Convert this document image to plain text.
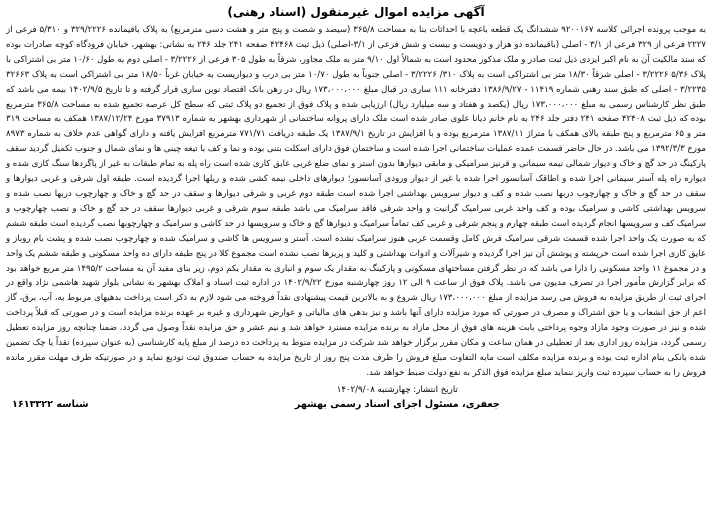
آگهی مزایده اموال غیرمنقول (اسناد رهنی)

به موجب پرونده اجرائی کلاسه ۹۲۰۰۱۶۷ ششدانگ یک قطعه باغچه با احداثات بنا به مساحت ۳۶۵/۸ (سیصد و شصت و پنج متر و هشت دسی مترمربع) به پلاک باقیمانده ۳۲۹/۲۲۲۶ و ۵/۳۱۰ فرعی از ۲۲۲۷ فرعی از ۳۲۹ فرعی از ۳/۱ - اصلی (باقیمانده دو هزار و دویست و بیست و شش فرعی از ۳/۱-اصلی) ذیل ثبت ۴۲۴۶۸ صفحه ۲۴۱ جلد ۲۴۶ به نشانی: بهشهر، خیابان فرودگاه کوچه صادرات بوده که سند مالکیت آن به نام اکبر ایزدی ذیل ثبت صادر و ملک مذکور محدود است به شمالاً اول ۹/۱۰ متر به ملک مجاور، شرقاً به طول ۳۰۵ فرعی از ۳/۲۲۲۶ - اصلی دوم به طول ۱۰/۶۰ متر بی اشتراکی با پلاک ۵/۳۶ ۳/۲۲۲۶ - اصلی شرقاً ۱۸/۳۰ متر بی اشتراکی است به پلاک ۳۱۰/ ۳/۲۲۲۶ - اصلی جنوباً به طول ۱۰/۷۰ متر بی درب و دیواریست به خیابان غرباً ۱۸/۵۰ متر بی اشتراکی است به پلاک ۳۲۶۶۳ ۳/۲۲۳۵ - اصلی که طبق سند رهنی شماره ۱۱۴۱۹ - ۱۳۸۶/۹/۲۷ دفترخانه ۱۱۱ ساری در قبال مبلغ ۱۷۳،۰۰۰،۰۰۰ ریال در رهن بانک اقتصاد نوین ساری قرار گرفته و تا تاریخ ۱۴۰۲/۹/۵ بیمه می باشد که طبق نظر کارشناس رسمی به مبلغ ۱۷۳،۰۰۰،۰۰۰ ریال (یکصد و هفتاد و سه میلیارد ریال) ارزیابی شده و پلاک فوق از تجمیع دو پلاک ثبتی که سطح کل عرصه تجمیع شده به مساحت ۳۶۵/۸ مترمربع بوده که ذیل ثبت ۴۲۴۰۸ صفحه ۲۴۱ دفتر جلد ۲۴۶ به نام خانم دیانا علوی صادر شده است ملک دارای پروانه ساختمانی از شهرداری بهشهر به شماره ۳۷۹۱۳ مورخ ۱۳۸۷/۱۲/۲۴ همکف به مساحت ۳۱۹ متر و ۶۵ مترمربع و پنج طبقه بالای همکف با متراژ ۱۳۸۷/۱۱ مترمربع بوده و با افزایش در تاریخ ۱۳۸۷/۹/۱ یک طبقه دریافت ۷۷۱/۷۱ مترمربع افزایش یافته و دارای گواهی عدم خلاف به شماره ۸۹۷۳ مورخ ۱۳۹۲/۳/۳ می باشد. در حال حاضر قسمت عمده عملیات ساختمانی اجرا شده است و ساختمان فوق دارای اسکلت بتنی بوده و نما و کف با تیغه چینی ها و نمای شمال و جنوب تکمیل گردید سقف پارکینگ در حد گچ و خاک و دیوار شمالی نیمه سیمانی و قرنیز سرامیکی و مابقی دیوارها بدون استر و نمای ضلع غربی عایق کاری شده است راه پله به تمام طبقات به غیر از پاگردها سنگ کاری شده و دیواره راه پله آستر سیمانی اجرا شده و اطاقک آسانسور اجرا شده با غیر از دیوار ورودی آسانسور؛ دیوارهای داخلی نیمه کشی شده و ریلها اجرا گردیده است. طبقه اول شرقی و غربی دیوارها و سقف در حد گچ و خاک و چهارچوب دربها نصب شده و کف و دیوار سرویس بهداشتی اجرا شده است طبقه دوم غربی و شرقی دیوارها و سقف در حد گچ و خاک و چهارچوب دربها نصب شده و سرویس بهداشتی کاشی و سرامیک بوده و کف واحد غربی سرامیک گرانیت و واحد شرقی فاقد سرامیک می باشد طبقه سوم شرقی و غربی دیوارها سقف در حد گچ و خاک و نصب چهارچوب و سرامیک کف و سرویسها انجام گردیده است طبقه چهارم و پنجم شرقی و غربی کف تماماً سرامیک و دیوارها گچ و خاک و سرویسها در حد کاشی و سرامیک و چهارچوبها نصب گردیده است طبقه ششم که به صورت یک واحد اجرا شده قسمت شرقی سرامیک فرش کامل وقسمت غربی هنوز سرامیک نشده است. آستر و سرویس ها کاشی و سرامیک شده و چهارچوب نصب شده و پشت بام روباز و عایق کاری اجرا شده است خرپشته و پوشش آن نیز اجرا گردیده و شیرآلات و ادوات بهداشتی و کلید و پریزها نصب نشده است مجموع کلا در پنج طبقه دارای ده واحد مسکونی و طبقه ششم یک واحد و در مجموع ۱۱ واحد مسکونی را دارا می باشد که در نظر گرفتن مساحتهای مسکونی و پارکینگ به مقدار یک سوم و انباری به مقدار یکم دوم، زیر بنای مفید آن به مساحت ۱۴۹۵/۲ متر مربع خواهد بود که برابر گزارش مأمور اجرا در تصرف مدیون می باشد. پلاک فوق از ساعت ۹ الی ۱۲ روز چهارشنبه مورخ ۱۴۰۲/۹/۲۲ در اداره ثبت اسناد و املاک بهشهر به نشانی بلوار شهید هاشمی نژاد واقع در اجرای ثبت از طریق مزایده به فروش می رسد مزایده از مبلغ ۱۷۳،۰۰۰،۰۰۰ ریال شروع و به بالاترین قیمت پیشنهادی نقداً فروخته می شود لازم به ذکر است پرداخت بدهیهای مربوط به، آب، برق، گاز اعم از حق انشعاب و یا حق اشتراک و مصرف در صورتی که مورد مزایده دارای آنها باشد و نیز بدهی های مالیاتی و عوارض شهرداری و غیره بر عهده برنده مزایده است و در صورتی که قبلاً پرداخت شده و نیز در صورت وجود مازاد وجوه پرداختی بابت هزینه های فوق از محل مازاد به برنده مزایده مسترد خواهد شد و نیم عشر و حق مزایده نقداً وصول می گردد. ضمنا چنانچه روز مزایده تعطیل رسمی گردد، مزایده روز اداری بعد از تعطیلی در همان ساعت و مکان مقرر برگزار خواهد شد شرکت در مزایده منوط به پرداخت ده درصد از مبلغ پایه کارشناسی (به عنوان سپرده) نقداً یا چک تضمین شده بانکی بنام اداره ثبت بوده و برنده مزایده مکلف است مابه التفاوت مبلغ فروش را ظرف مدت پنج روز از تاریخ مزایده به حساب صندوق ثبت تودیع نماید و در صورتیکه ظرف مهلت مقرر مانده فروش را به حساب سپرده ثبت واریز ننماید مبلغ مزایده فوق الذکر به نفع دولت ضبط خواهد شد.

تاریخ انتشار: چهارشنبه ۱۴۰۲/۹/۰۸
جعفری، مسئول اجرای اسناد رسمی بهشهر
شناسه ۱۶۱۳۳۲۲
